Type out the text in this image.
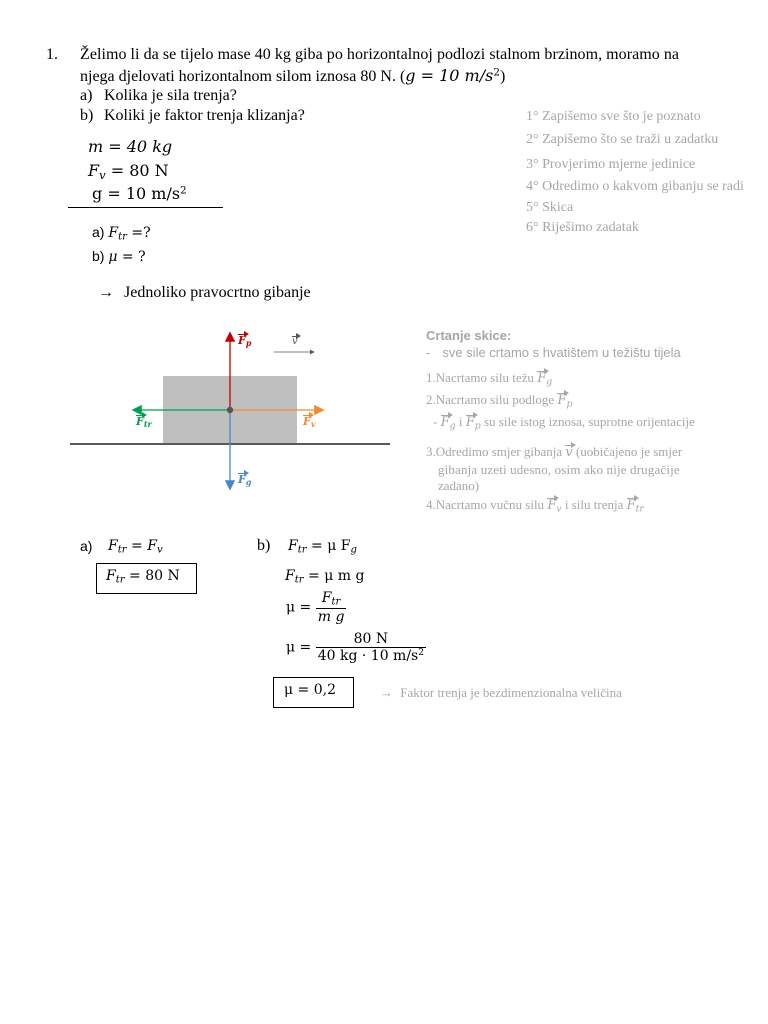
1. Želimo li da se tijelo mase 40 kg giba po horizontalnoj podlozi stalnom brzinom, moramo na
njega djelovati horizontalnom silom iznosa 80 N. (g = 10 $m/s^2$)
a) Kolika je sila trenja?
b) Koliki je faktor trenja klizanja?	1° Zapišemo sve što je poznato
2° Zapišemo što se traži u zadatku
3° Provjerimo mjerne jedinice
4° Odredimo o kakvom gibanju se radi
5° Skica
6° Riješimo zadatak
m = 40 kg
$F_v = 80$ N
g = 10 $m/s^2$
a) $F_{tr}$ =?
b) μ = ?
→ Jednoliko pravocrtno gibanje
$F_p$	v
$F_{tr}$	$F_v$
$F_g$
Crtanje skice:
- sve sile crtamo s hvatištem u težištu tijela
1.Nacrtamo silu težu $F_g$
2.Nacrtamo silu podloge $F_p$
- $F_g$ i $F_p$ su sile istog iznosa, suprotne orijentacije
3.Odredimo smjer gibanja v (uobičajeno je smjer
gibanja uzeti udesno, osim ako nije drugačije
zadano)
4.Nacrtamo vučnu silu $F_v$ i silu trenja $F_{tr}$
a) $F_{tr} = F_v$
$F_{tr} = 80$ N
b) $F_{tr} = \mu$ $F_g$
$F_{tr} = \mu$ m g
$\mu = \frac{F_{tr}}{\text{m g}}$
$\mu = \frac{80 N}{40 kg \cdot 10 m/s^2}$
μ = 0,2	→ Faktor trenja je bezdimenzionalna veličina
